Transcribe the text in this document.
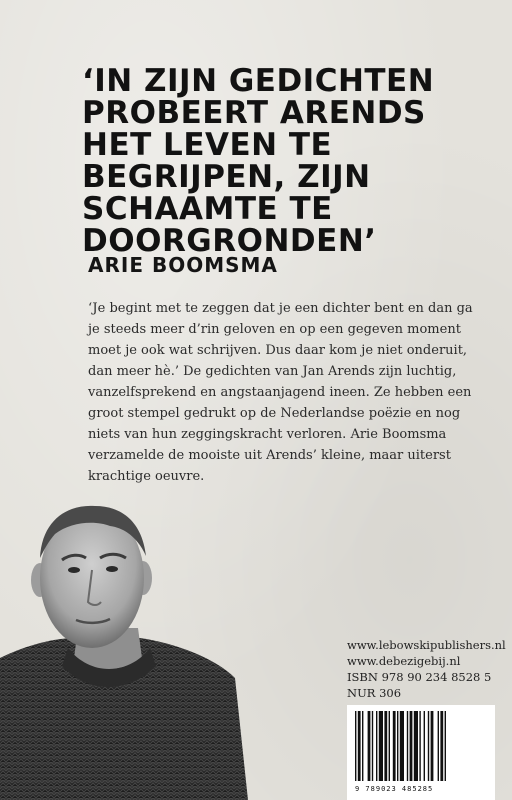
‘IN ZIJN GEDICHTEN
PROBEERT ARENDS
HET LEVEN TE
BEGRIJPEN, ZIJN
SCHAAMTE TE
DOORGRONDEN’
ARIE BOOMSMA

‘Je begint met te zeggen dat je een dichter bent en dan ga
je steeds meer d’rin geloven en op een gegeven moment
moet je ook wat schrijven. Dus daar kom je niet onderuit,
dan meer hè.’ De gedichten van Jan Arends zijn luchtig,
vanzelfsprekend en angstaanjagend ineen. Ze hebben een
groot stempel gedrukt op de Nederlandse poëzie en nog
niets van hun zeggingskracht verloren. Arie Boomsma
verzamelde de mooiste uit Arends’ kleine, maar uiterst
krachtige oeuvre.

www.lebowskipublishers.nl
www.debezigebij.nl
ISBN 978 90 234 8528 5
NUR 306
9 789023 485285
